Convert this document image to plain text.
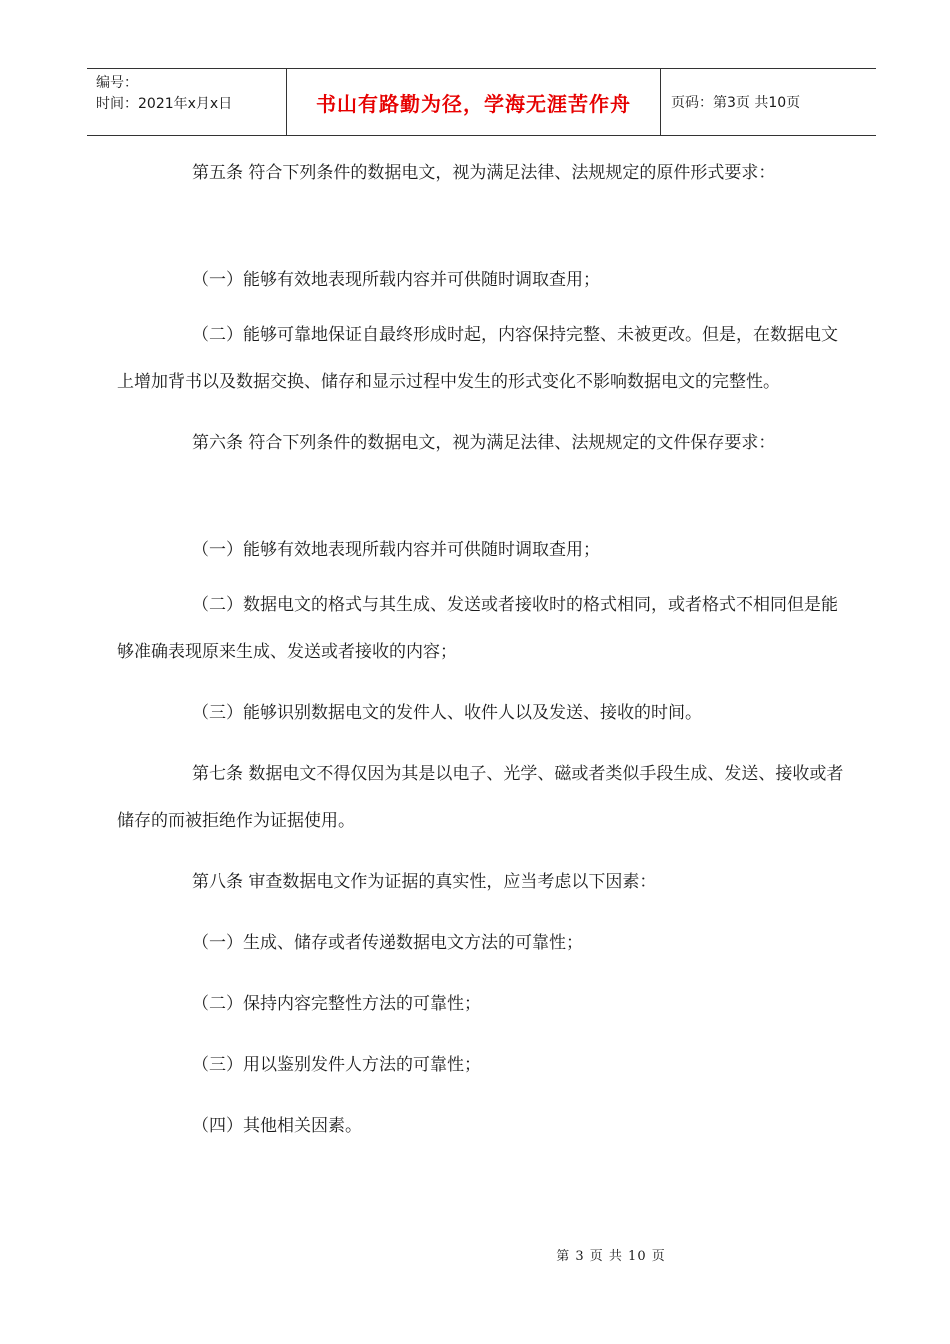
编号：
时间：2021年x月x日	书山有路勤为径，学海无涯苦作舟	页码：第3页 共10页

第五条 符合下列条件的数据电文，视为满足法律、法规规定的原件形式要求：

（一）能够有效地表现所载内容并可供随时调取查用；

（二）能够可靠地保证自最终形成时起，内容保持完整、未被更改。但是，在数据电文上增加背书以及数据交换、储存和显示过程中发生的形式变化不影响数据电文的完整性。

第六条 符合下列条件的数据电文，视为满足法律、法规规定的文件保存要求：

（一）能够有效地表现所载内容并可供随时调取查用；

（二）数据电文的格式与其生成、发送或者接收时的格式相同，或者格式不相同但是能够准确表现原来生成、发送或者接收的内容；

（三）能够识别数据电文的发件人、收件人以及发送、接收的时间。

第七条 数据电文不得仅因为其是以电子、光学、磁或者类似手段生成、发送、接收或者储存的而被拒绝作为证据使用。

第八条 审查数据电文作为证据的真实性，应当考虑以下因素：

（一）生成、储存或者传递数据电文方法的可靠性；

（二）保持内容完整性方法的可靠性；

（三）用以鉴别发件人方法的可靠性；

（四）其他相关因素。

第 3 页 共 10 页
